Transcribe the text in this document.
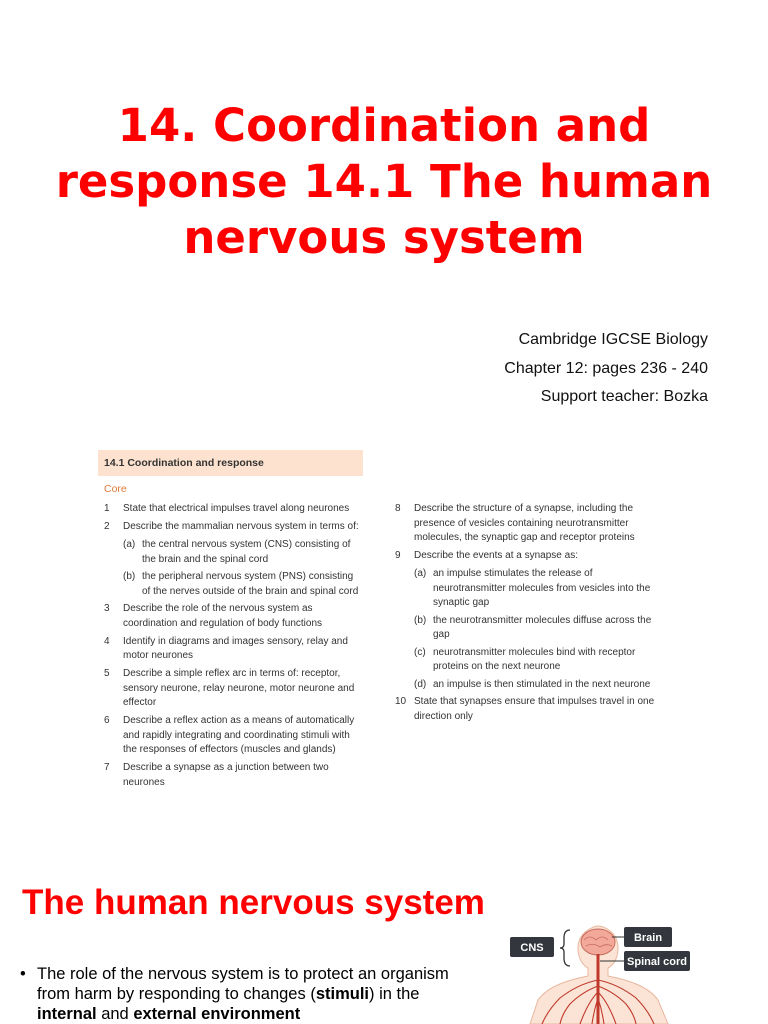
14. Coordination and response 14.1 The human nervous system
Cambridge IGCSE Biology
Chapter 12: pages 236 - 240
Support teacher: Bozka
14.1 Coordination and response
Core
1	State that electrical impulses travel along neurones
2	Describe the mammalian nervous system in terms of:
(a) the central nervous system (CNS) consisting of the brain and the spinal cord
(b) the peripheral nervous system (PNS) consisting of the nerves outside of the brain and spinal cord
3	Describe the role of the nervous system as coordination and regulation of body functions
4	Identify in diagrams and images sensory, relay and motor neurones
5	Describe a simple reflex arc in terms of: receptor, sensory neurone, relay neurone, motor neurone and effector
6	Describe a reflex action as a means of automatically and rapidly integrating and coordinating stimuli with the responses of effectors (muscles and glands)
7	Describe a synapse as a junction between two neurones
8	Describe the structure of a synapse, including the presence of vesicles containing neurotransmitter molecules, the synaptic gap and receptor proteins
9	Describe the events at a synapse as:
(a) an impulse stimulates the release of neurotransmitter molecules from vesicles into the synaptic gap
(b) the neurotransmitter molecules diffuse across the gap
(c) neurotransmitter molecules bind with receptor proteins on the next neurone
(d) an impulse is then stimulated in the next neurone
10 State that synapses ensure that impulses travel in one direction only
The human nervous system
• The role of the nervous system is to protect an organism from harm by responding to changes (stimuli) in the internal and external environment
CNS
Brain
Spinal cord
